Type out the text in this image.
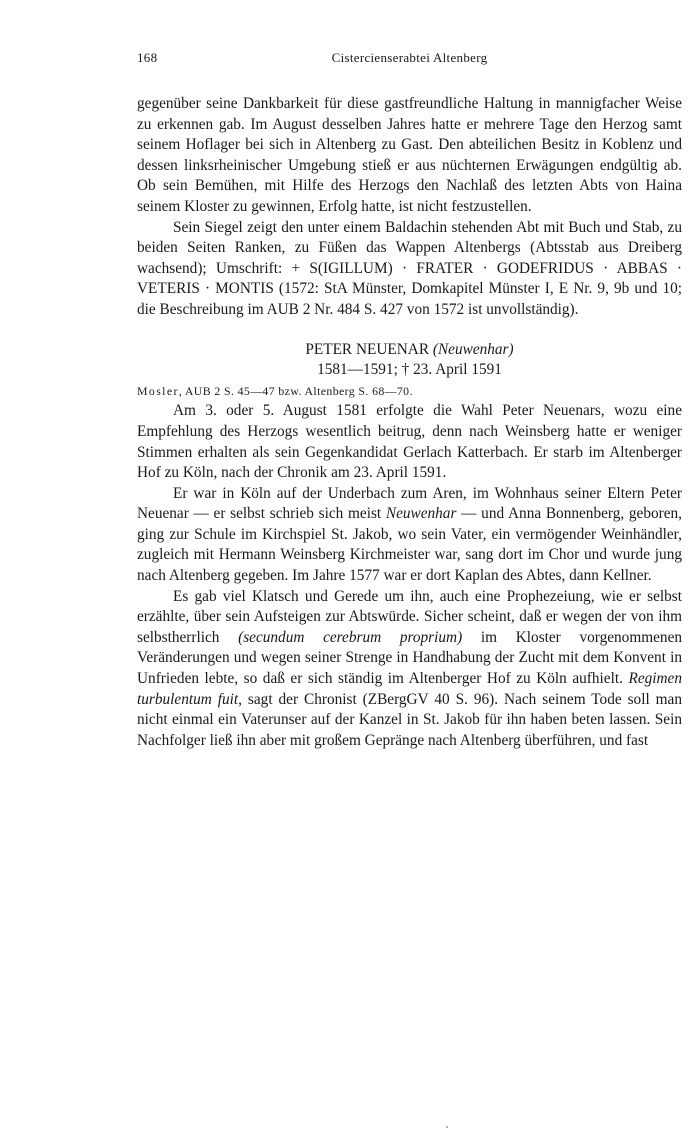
168	Cistercienserabtei Altenberg

gegenüber seine Dankbarkeit für diese gastfreundliche Haltung in mannigfacher Weise zu erkennen gab. Im August desselben Jahres hatte er mehrere Tage den Herzog samt seinem Hoflager bei sich in Altenberg zu Gast. Den abteilichen Besitz in Koblenz und dessen linksrheinischer Umgebung stieß er aus nüchternen Erwägungen endgültig ab. Ob sein Bemühen, mit Hilfe des Herzogs den Nachlaß des letzten Abts von Haina seinem Kloster zu gewinnen, Erfolg hatte, ist nicht festzustellen.

Sein Siegel zeigt den unter einem Baldachin stehenden Abt mit Buch und Stab, zu beiden Seiten Ranken, zu Füßen das Wappen Altenbergs (Abtsstab aus Dreiberg wachsend); Umschrift: + S(IGILLUM) · FRATER · GODEFRIDUS · ABBAS · VETERIS · MONTIS (1572: StA Münster, Domkapitel Münster I, E Nr. 9, 9b und 10; die Beschreibung im AUB 2 Nr. 484 S. 427 von 1572 ist unvollständig).

PETER NEUENAR (Neuwenhar)
1581—1591; † 23. April 1591

Mosler, AUB 2 S. 45—47 bzw. Altenberg S. 68—70.

Am 3. oder 5. August 1581 erfolgte die Wahl Peter Neuenars, wozu eine Empfehlung des Herzogs wesentlich beitrug, denn nach Weinsberg hatte er weniger Stimmen erhalten als sein Gegenkandidat Gerlach Katterbach. Er starb im Altenberger Hof zu Köln, nach der Chronik am 23. April 1591.

Er war in Köln auf der Underbach zum Aren, im Wohnhaus seiner Eltern Peter Neuenar — er selbst schrieb sich meist Neuwenhar — und Anna Bonnenberg, geboren, ging zur Schule im Kirchspiel St. Jakob, wo sein Vater, ein vermögender Weinhändler, zugleich mit Hermann Weinsberg Kirchmeister war, sang dort im Chor und wurde jung nach Altenberg gegeben. Im Jahre 1577 war er dort Kaplan des Abtes, dann Kellner.

Es gab viel Klatsch und Gerede um ihn, auch eine Prophezeiung, wie er selbst erzählte, über sein Aufsteigen zur Abtswürde. Sicher scheint, daß er wegen der von ihm selbstherrlich (secundum cerebrum proprium) im Kloster vorgenommenen Veränderungen und wegen seiner Strenge in Handhabung der Zucht mit dem Konvent in Unfrieden lebte, so daß er sich ständig im Altenberger Hof zu Köln aufhielt. Regimen turbulentum fuit, sagt der Chronist (ZBergGV 40 S. 96). Nach seinem Tode soll man nicht einmal ein Vaterunser auf der Kanzel in St. Jakob für ihn haben beten lassen. Sein Nachfolger ließ ihn aber mit großem Gepränge nach Altenberg überführen, und fast
